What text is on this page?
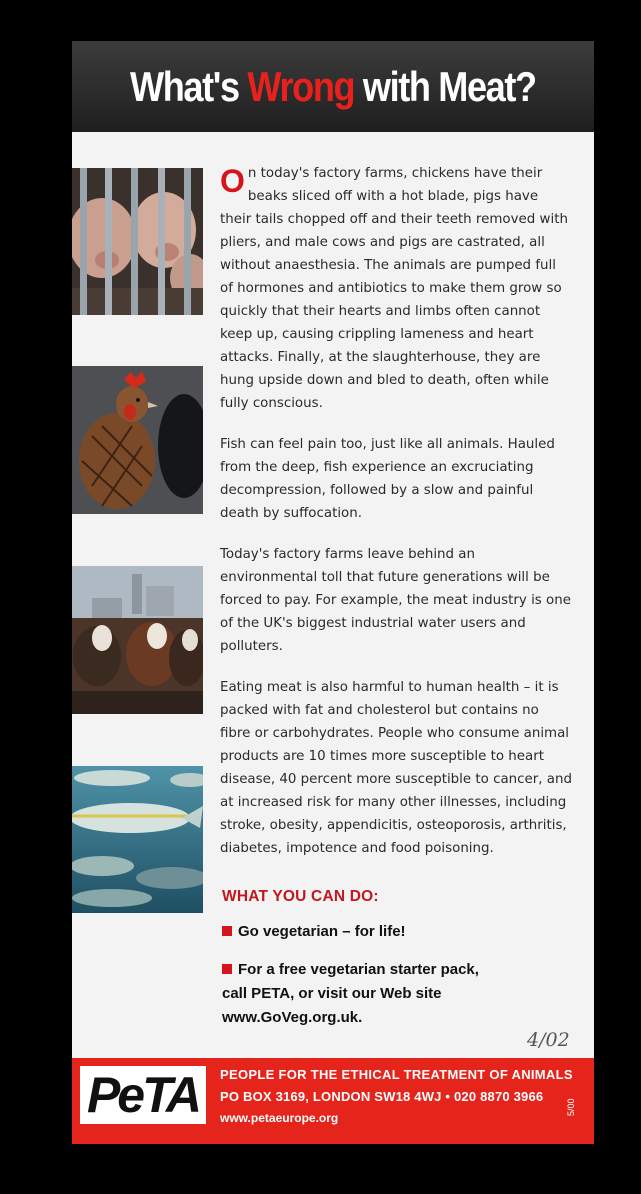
What's Wrong with Meat?

On today's factory farms, chickens have their beaks sliced off with a hot blade, pigs have their tails chopped off and their teeth removed with pliers, and male cows and pigs are castrated, all without anaesthesia. The animals are pumped full of hormones and antibiotics to make them grow so quickly that their hearts and limbs often cannot keep up, causing crippling lameness and heart attacks. Finally, at the slaughterhouse, they are hung upside down and bled to death, often while fully conscious.

Fish can feel pain too, just like all animals. Hauled from the deep, fish experience an excruciating decompression, followed by a slow and painful death by suffocation.

Today's factory farms leave behind an environmental toll that future generations will be forced to pay. For example, the meat industry is one of the UK's biggest industrial water users and polluters.

Eating meat is also harmful to human health – it is packed with fat and cholesterol but contains no fibre or carbohydrates. People who consume animal products are 10 times more susceptible to heart disease, 40 percent more susceptible to cancer, and at increased risk for many other illnesses, including stroke, obesity, appendicitis, osteoporosis, arthritis, diabetes, impotence and food poisoning.

WHAT YOU CAN DO:
Go vegetarian – for life!
For a free vegetarian starter pack,
call PETA, or visit our Web site
www.GoVeg.org.uk.
4/02
PeTA PEOPLE FOR THE ETHICAL TREATMENT OF ANIMALS
PO BOX 3169, LONDON SW18 4WJ • 020 8870 3966
www.petaeurope.org
5/00
